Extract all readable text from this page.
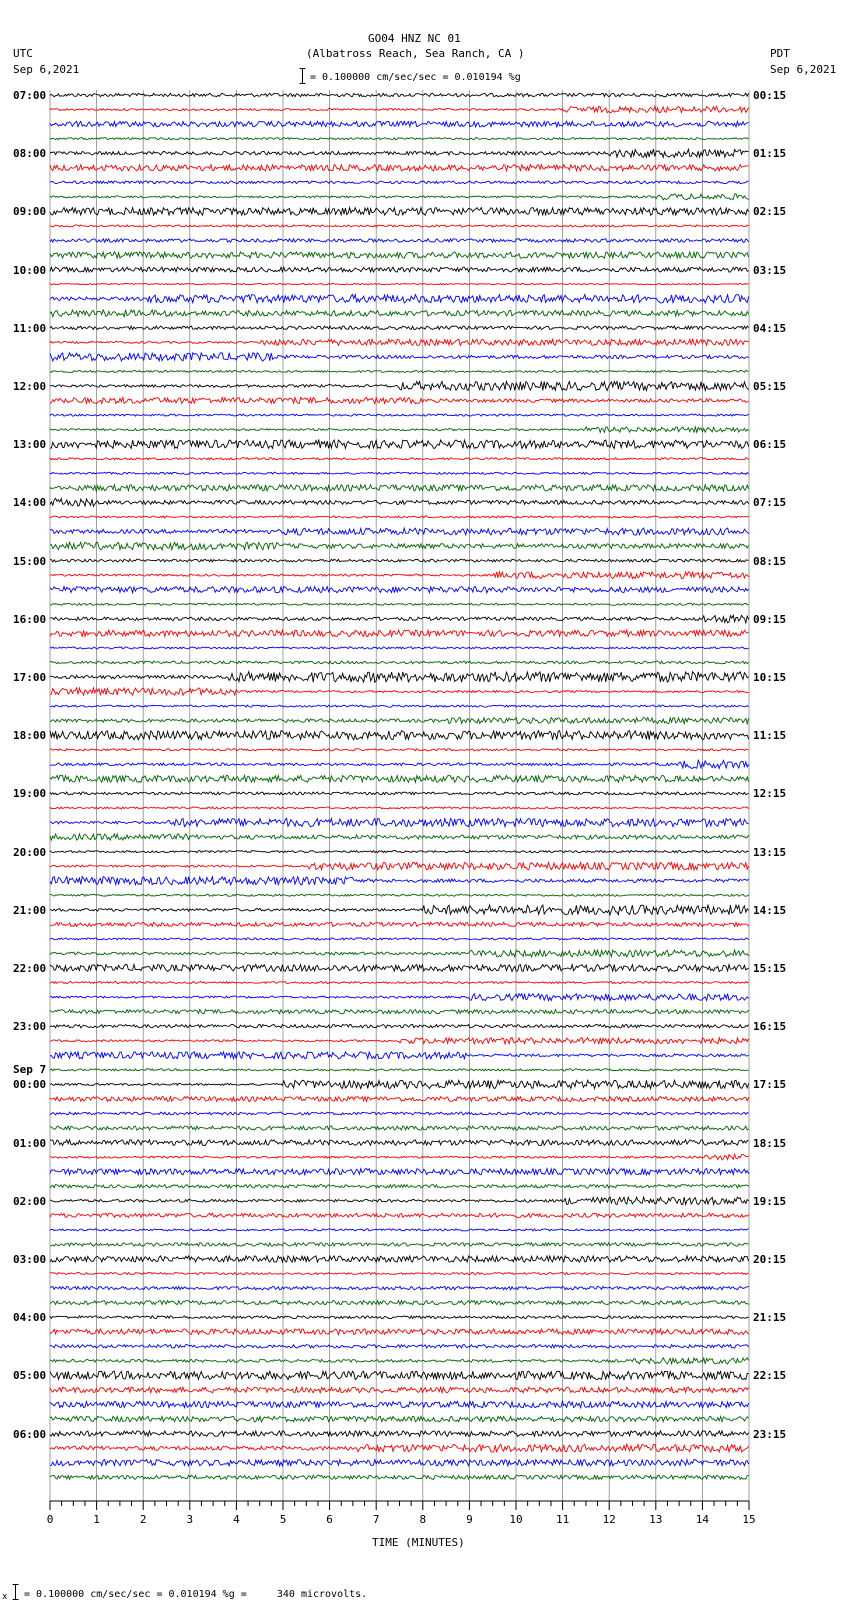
0	1	2	3	4	5	6	7	8	9	10	11	12	13	14	15
GO04 HNZ NC 01
(Albatross Reach, Sea Ranch, CA )
UTC
Sep 6,2021
PDT
Sep 6,2021
= 0.100000 cm/sec/sec = 0.010194 %g
TIME (MINUTES)
x = 0.100000 cm/sec/sec = 0.010194 %g =     340 microvolts.
07:00
08:00
09:00
10:00
11:00
12:00
13:00
14:00
15:00
16:00
17:00
18:00
19:00
20:00
21:00
22:00
23:00
00:00
01:00
02:00
03:00
04:00
05:00
06:00
Sep 7
00:15
01:15
02:15
03:15
04:15
05:15
06:15
07:15
08:15
09:15
10:15
11:15
12:15
13:15
14:15
15:15
16:15
17:15
18:15
19:15
20:15
21:15
22:15
23:15
